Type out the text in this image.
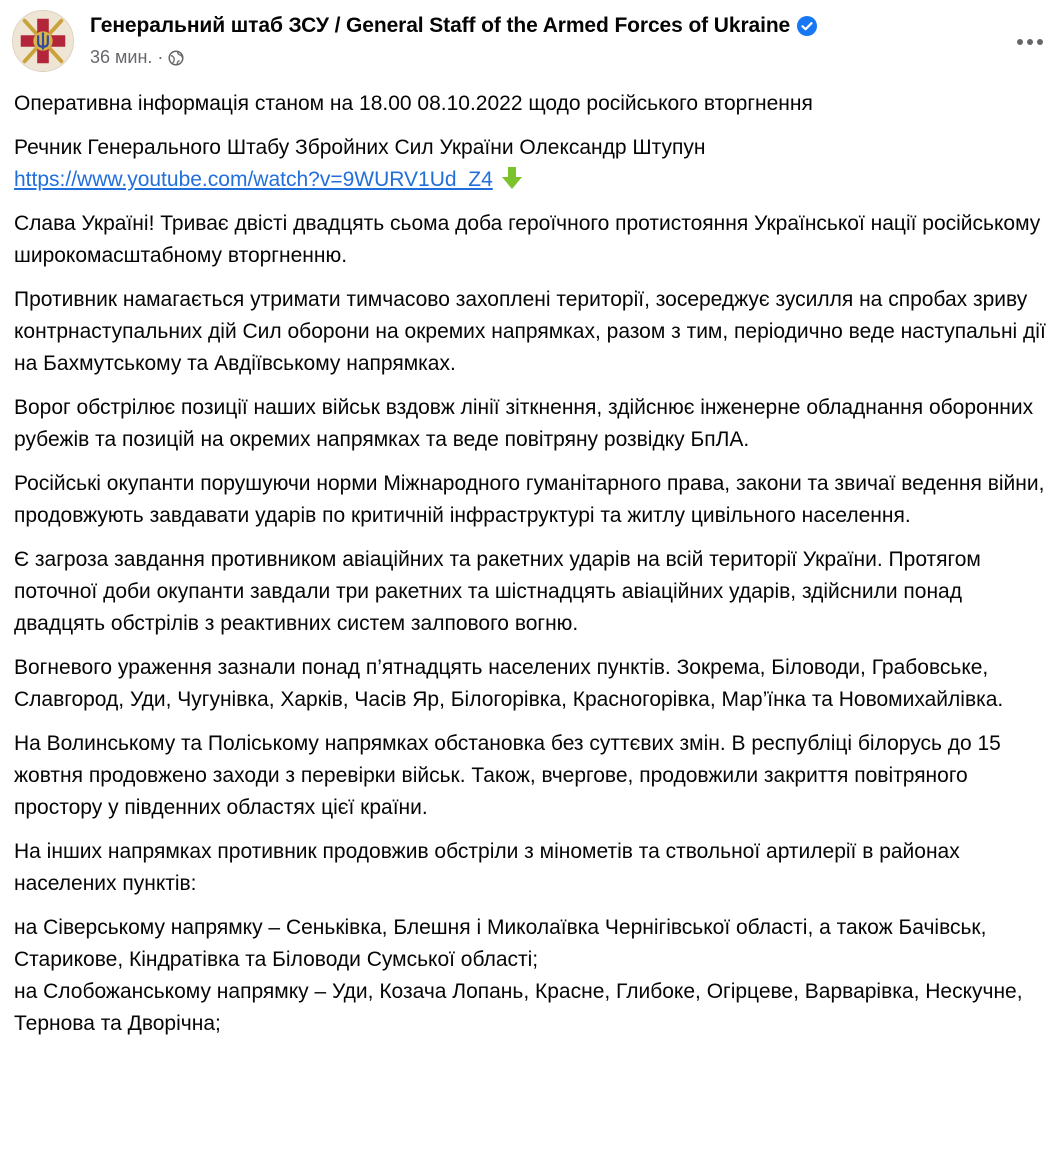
Генеральний штаб ЗСУ / General Staff of the Armed Forces of Ukraine
36 мин. ·

Оперативна інформація станом на 18.00 08.10.2022 щодо російського вторгнення

Речник Генерального Штабу Збройних Сил України Олександр Штупун
https://www.youtube.com/watch?v=9WURV1Ud_Z4

Слава Україні! Триває двісті двадцять сьома доба героїчного протистояння Української нації російському широкомасштабному вторгненню.

Противник намагається утримати тимчасово захоплені території, зосереджує зусилля на спробах зриву контрнаступальних дій Сил оборони на окремих напрямках, разом з тим, періодично веде наступальні дії на Бахмутському та Авдіївському напрямках.

Ворог обстрілює позиції наших військ вздовж лінії зіткнення, здійснює інженерне обладнання оборонних рубежів та позицій на окремих напрямках та веде повітряну розвідку БпЛА.

Російські окупанти порушуючи норми Міжнародного гуманітарного права, закони та звичаї ведення війни, продовжують завдавати ударів по критичній інфраструктурі та житлу цивільного населення.

Є загроза завдання противником авіаційних та ракетних ударів на всій території України. Протягом поточної доби окупанти завдали три ракетних та шістнадцять авіаційних ударів, здійснили понад двадцять обстрілів з реактивних систем залпового вогню.

Вогневого ураження зазнали понад п’ятнадцять населених пунктів. Зокрема, Біловоди, Грабовське, Славгород, Уди, Чугунівка, Харків, Часів Яр, Білогорівка, Красногорівка, Мар’їнка та Новомихайлівка.

На Волинському та Поліському напрямках обстановка без суттєвих змін. В республіці білорусь до 15 жовтня продовжено заходи з перевірки військ. Також, вчергове, продовжили закриття повітряного простору у південних областях цієї країни.

На інших напрямках противник продовжив обстріли з мінометів та ствольної артилерії в районах населених пунктів:

на Сіверському напрямку – Сеньківка, Блешня і Миколаївка Чернігівської області, а також Бачівськ, Старикове, Кіндратівка та Біловоди Сумської області;

на Слобожанському напрямку – Уди, Козача Лопань, Красне, Глибоке, Огірцеве, Варварівка, Нескучне, Тернова та Дворічна;
